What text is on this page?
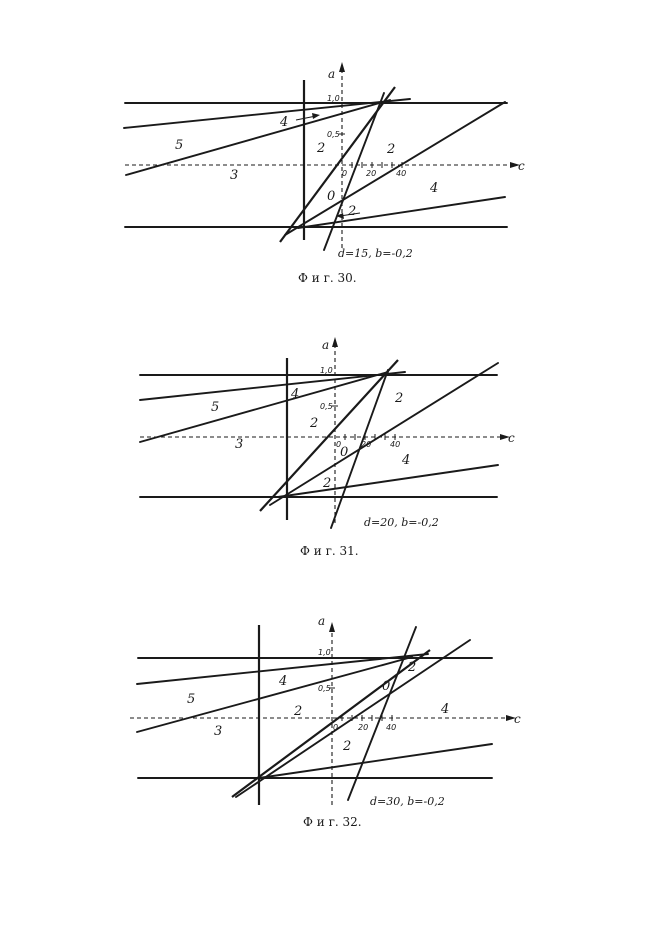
a
c
1,0
0,5
0 20 40
5
4
2	2
3
4
0
2
d=15, b=-0,2
Ф и г. 30.
a
c
1,0
0,5
0 20 40
5
4
2
2
3
0
4
2
d=20, b=-0,2
Ф и г. 31.
a
c
1,0
0,5
0 20 40
5
4
2
0
2	4
3
2
d=30, b=-0,2
Ф и г. 32.
